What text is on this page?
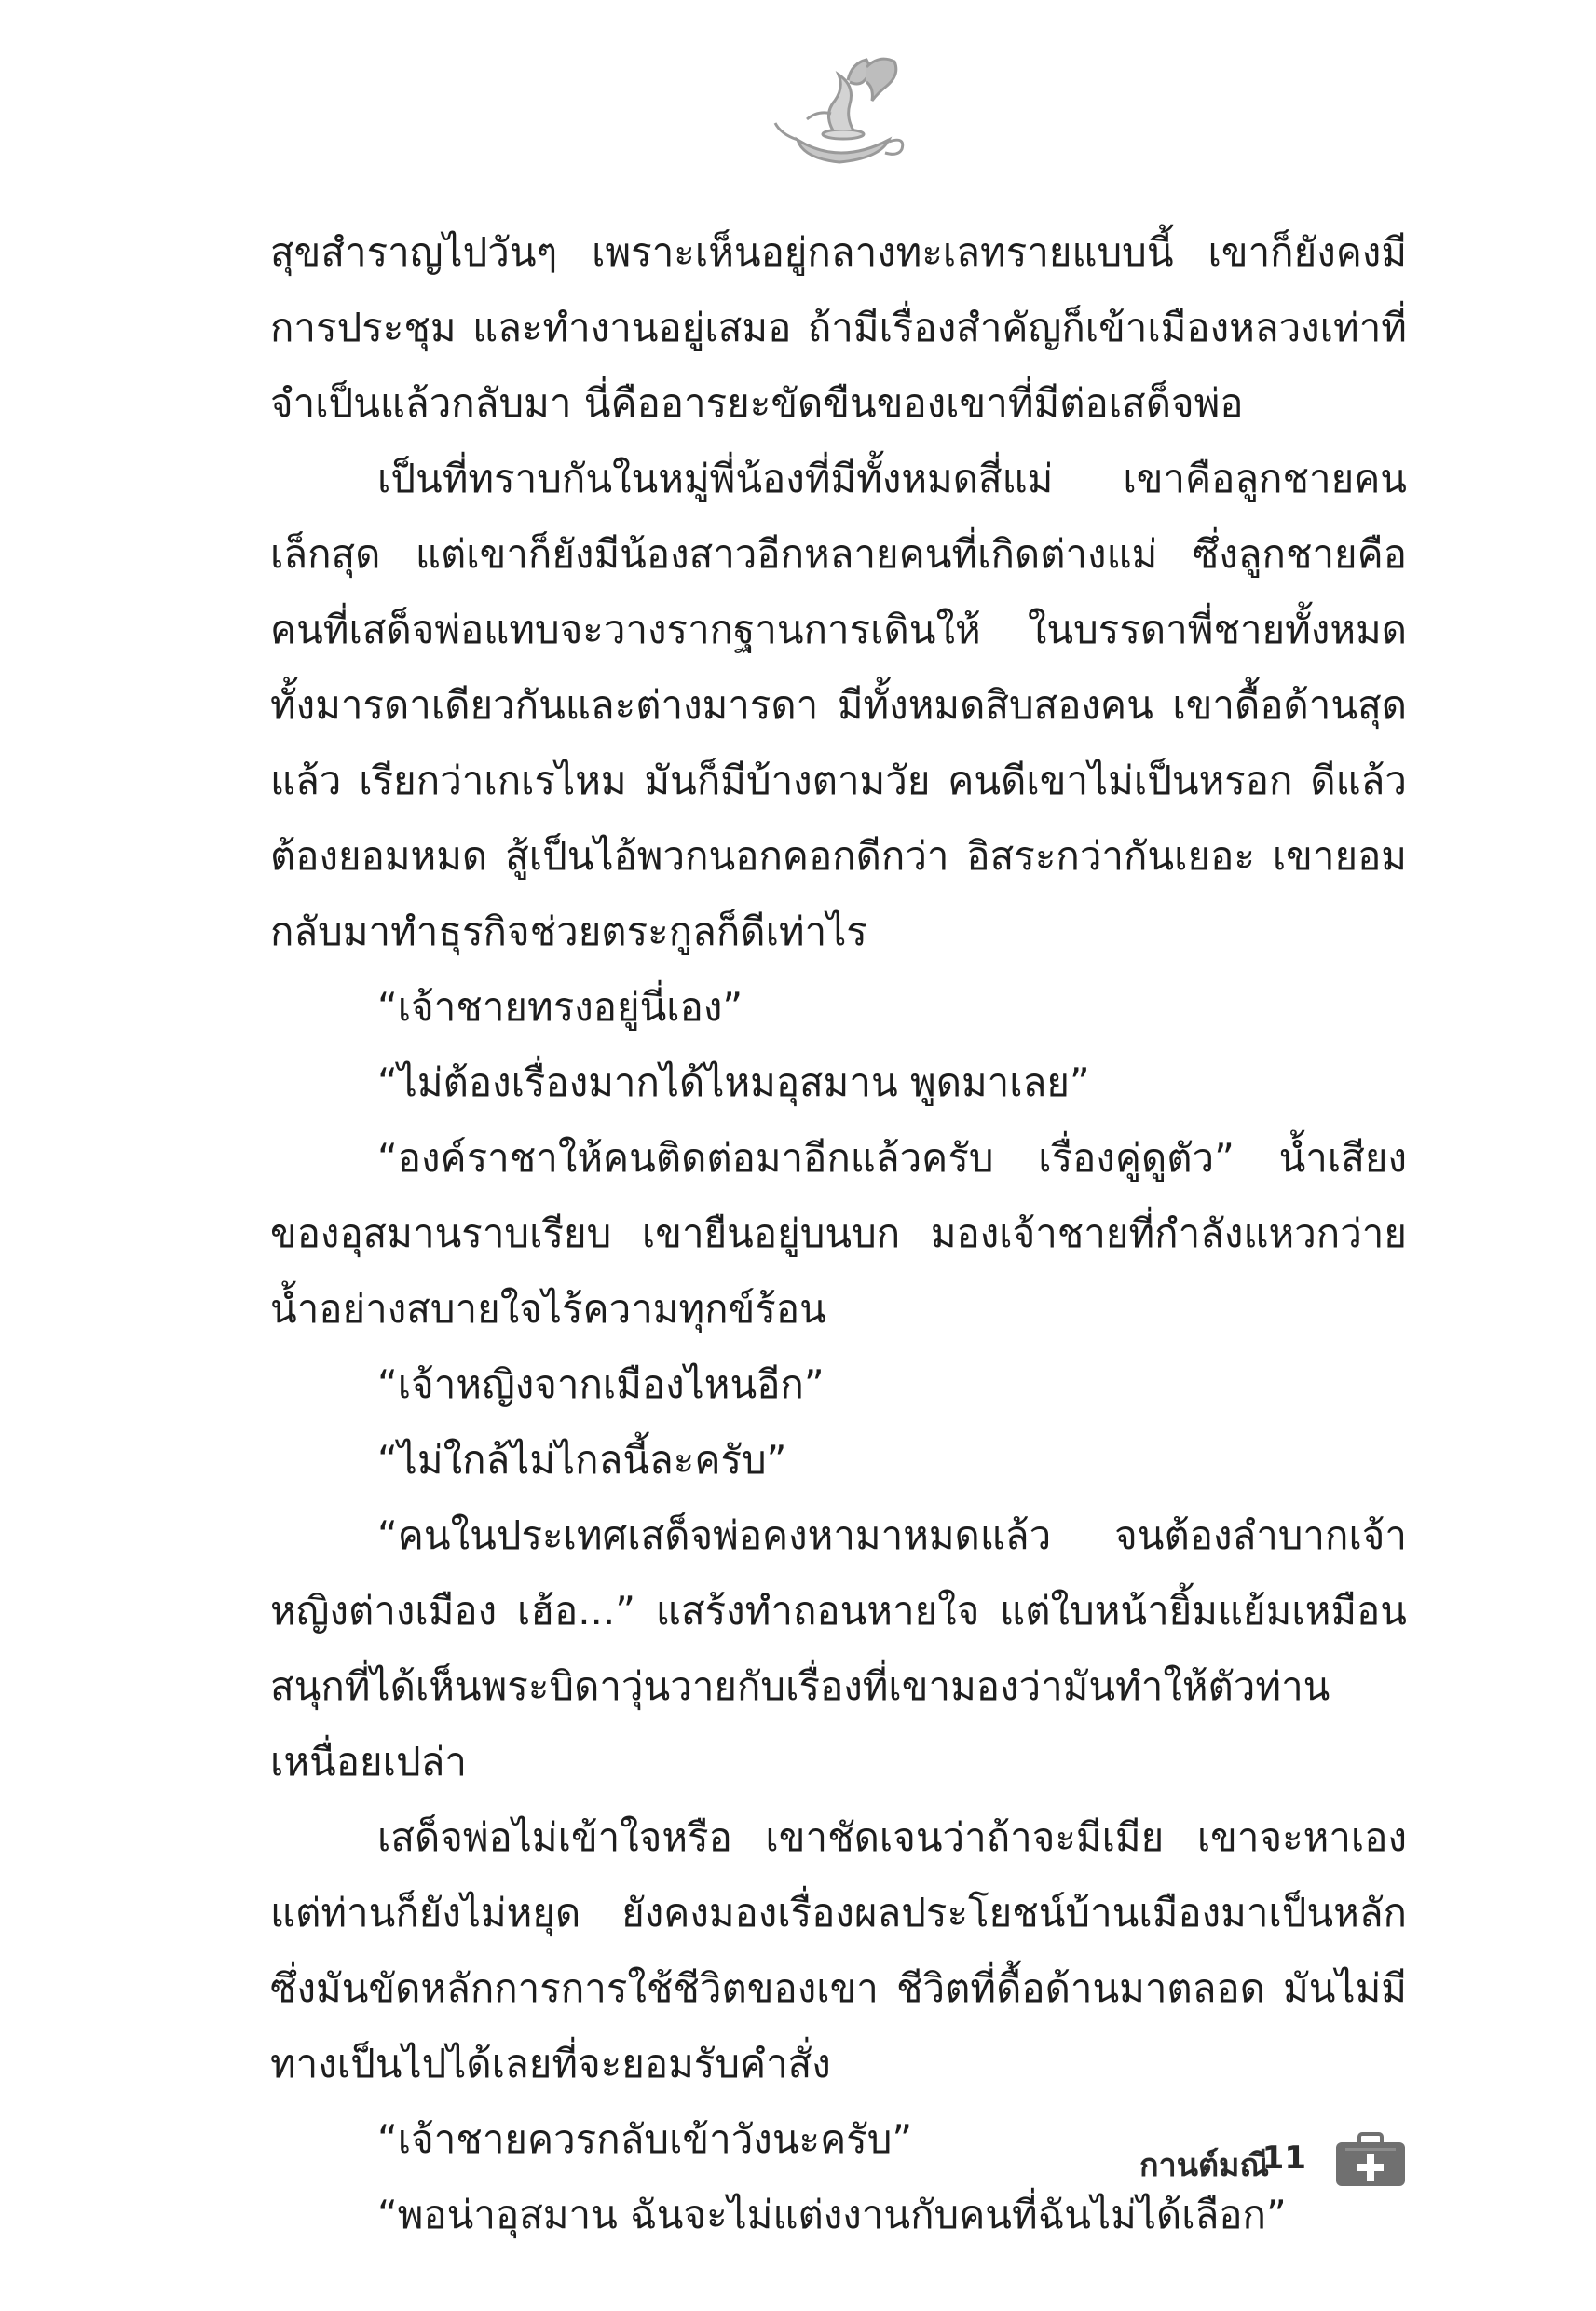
สุขสำราญไปวันๆ เพราะเห็นอยู่กลางทะเลทรายแบบนี้ เขาก็ยังคงมีการประชุม และทำงานอยู่เสมอ ถ้ามีเรื่องสำคัญก็เข้าเมืองหลวงเท่าที่จำเป็นแล้วกลับมา นี่คืออารยะขัดขืนของเขาที่มีต่อเสด็จพ่อ

เป็นที่ทราบกันในหมู่พี่น้องที่มีทั้งหมดสี่แม่ เขาคือลูกชายคนเล็กสุด แต่เขาก็ยังมีน้องสาวอีกหลายคนที่เกิดต่างแม่ ซึ่งลูกชายคือคนที่เสด็จพ่อแทบจะวางรากฐานการเดินให้ ในบรรดาพี่ชายทั้งหมดทั้งมารดาเดียวกันและต่างมารดา มีทั้งหมดสิบสองคน เขาดื้อด้านสุดแล้ว เรียกว่าเกเรไหม มันก็มีบ้างตามวัย คนดีเขาไม่เป็นหรอก ดีแล้วต้องยอมหมด สู้เป็นไอ้พวกนอกคอกดีกว่า อิสระกว่ากันเยอะ เขายอมกลับมาทำธุรกิจช่วยตระกูลก็ดีเท่าไร

“เจ้าชายทรงอยู่นี่เอง”

“ไม่ต้องเรื่องมากได้ไหมอุสมาน พูดมาเลย”

“องค์ราชาให้คนติดต่อมาอีกแล้วครับ เรื่องคู่ดูตัว” น้ำเสียงของอุสมานราบเรียบ เขายืนอยู่บนบก มองเจ้าชายที่กำลังแหวกว่ายน้ำอย่างสบายใจไร้ความทุกข์ร้อน

“เจ้าหญิงจากเมืองไหนอีก”

“ไม่ใกล้ไม่ไกลนี้ละครับ”

“คนในประเทศเสด็จพ่อคงหามาหมดแล้ว จนต้องลำบากเจ้าหญิงต่างเมือง เฮ้อ...” แสร้งทำถอนหายใจ แต่ใบหน้ายิ้มแย้มเหมือนสนุกที่ได้เห็นพระบิดาวุ่นวายกับเรื่องที่เขามองว่ามันทำให้ตัวท่านเหนื่อยเปล่า

เสด็จพ่อไม่เข้าใจหรือ เขาชัดเจนว่าถ้าจะมีเมีย เขาจะหาเองแต่ท่านก็ยังไม่หยุด ยังคงมองเรื่องผลประโยชน์บ้านเมืองมาเป็นหลักซึ่งมันขัดหลักการการใช้ชีวิตของเขา ชีวิตที่ดื้อด้านมาตลอด มันไม่มีทางเป็นไปได้เลยที่จะยอมรับคำสั่ง

“เจ้าชายควรกลับเข้าวังนะครับ”

“พอน่าอุสมาน ฉันจะไม่แต่งงานกับคนที่ฉันไม่ได้เลือก”

กานต์มณี
11
